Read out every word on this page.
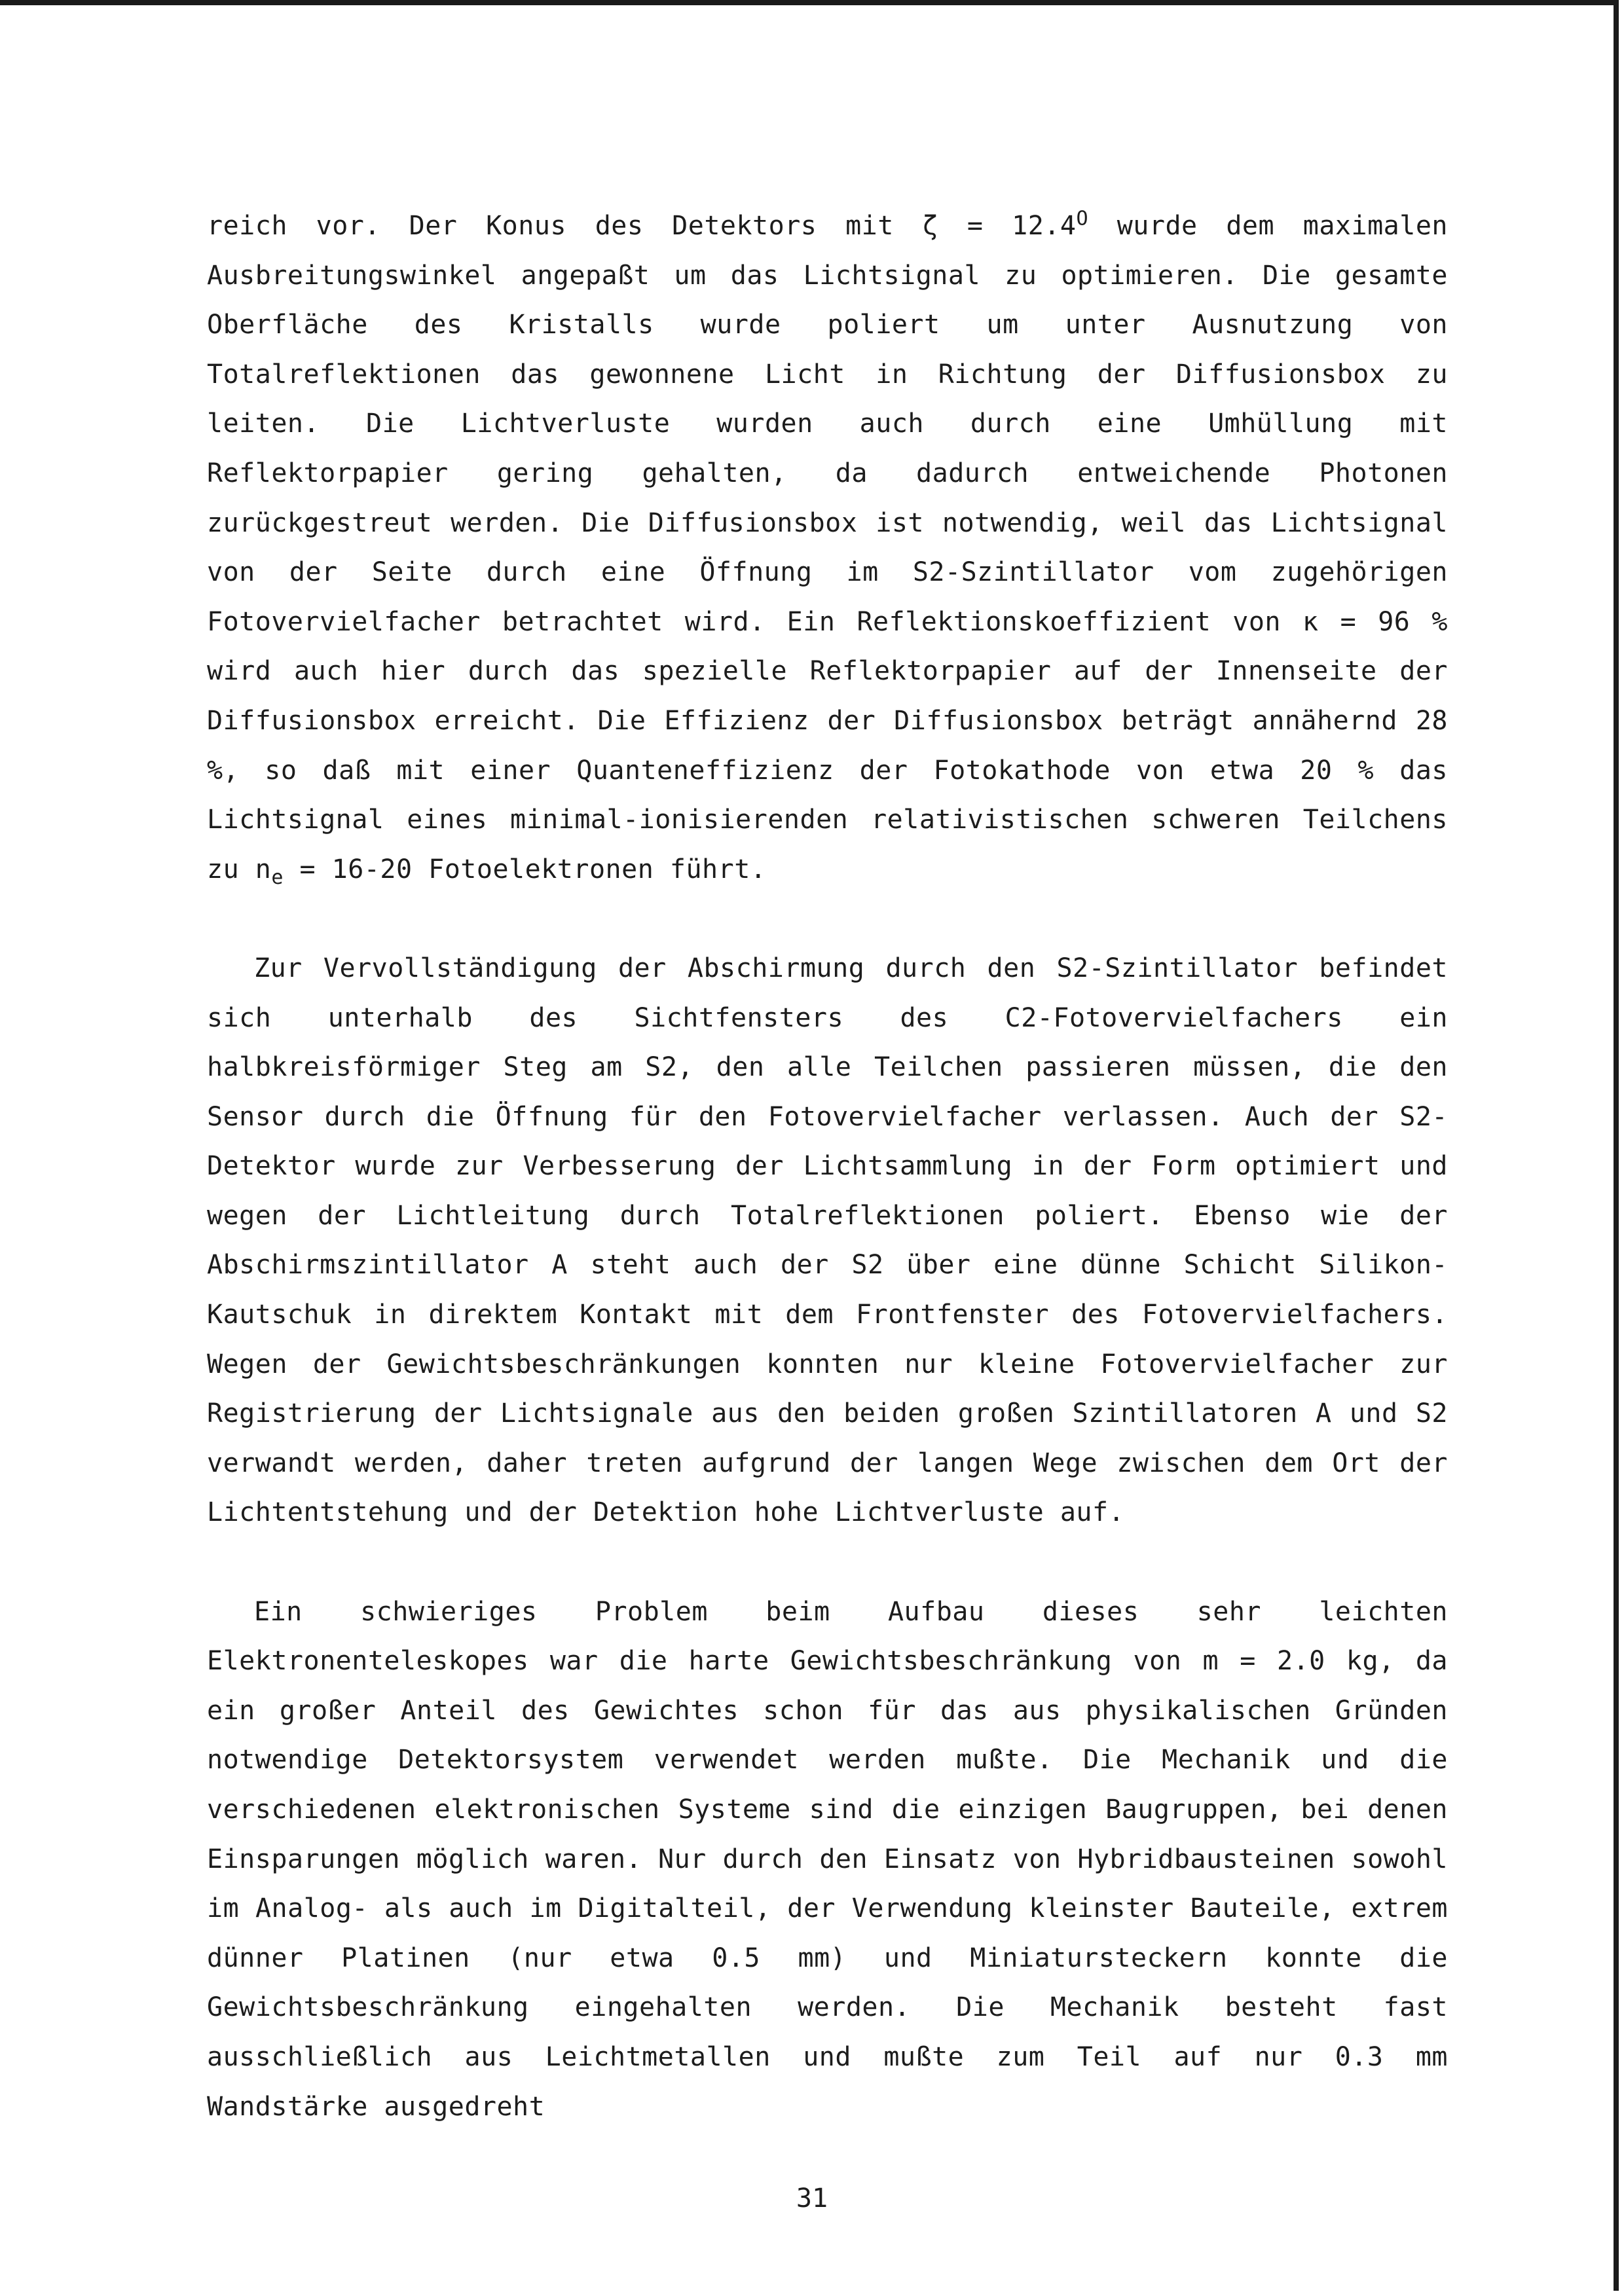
reich vor. Der Konus des Detektors mit $\zeta = 12.4^O$ wurde dem maximalen Ausbreitungswinkel angepaßt um das Lichtsignal zu optimieren. Die gesamte Oberfläche des Kristalls wurde poliert um unter Ausnutzung von Totalreflektionen das gewonnene Licht in Richtung der Diffusionsbox zu leiten. Die Lichtverluste wurden auch durch eine Umhüllung mit Reflektorpapier gering gehalten, da dadurch entweichende Photonen zurückgestreut werden. Die Diffusionsbox ist notwendig, weil das Lichtsignal von der Seite durch eine Öffnung im S2-Szintillator vom zugehörigen Fotovervielfacher betrachtet wird. Ein Reflektionskoeffizient von κ = 96 % wird auch hier durch das spezielle Reflektorpapier auf der Innenseite der Diffusionsbox erreicht. Die Effizienz der Diffusionsbox beträgt annähernd 28 %, so daß mit einer Quanteneffizienz der Fotokathode von etwa 20 % das Lichtsignal eines minimal-ionisierenden relativistischen schweren Teilchens zu $n_e = 16-20$ Fotoelektronen führt.

Zur Vervollständigung der Abschirmung durch den S2-Szintillator befindet sich unterhalb des Sichtfensters des C2-Fotovervielfachers ein halbkreisförmiger Steg am S2, den alle Teilchen passieren müssen, die den Sensor durch die Öffnung für den Fotovervielfacher verlassen. Auch der S2-Detektor wurde zur Verbesserung der Lichtsammlung in der Form optimiert und wegen der Lichtleitung durch Totalreflektionen poliert. Ebenso wie der Abschirmszintillator A steht auch der S2 über eine dünne Schicht Silikon-Kautschuk in direktem Kontakt mit dem Frontfenster des Fotovervielfachers. Wegen der Gewichtsbeschränkungen konnten nur kleine Fotovervielfacher zur Registrierung der Lichtsignale aus den beiden großen Szintillatoren A und S2 verwandt werden, daher treten aufgrund der langen Wege zwischen dem Ort der Lichtentstehung und der Detektion hohe Lichtverluste auf.

Ein schwieriges Problem beim Aufbau dieses sehr leichten Elektronenteleskopes war die harte Gewichtsbeschränkung von m = 2.0 kg, da ein großer Anteil des Gewichtes schon für das aus physikalischen Gründen notwendige Detektorsystem verwendet werden mußte. Die Mechanik und die verschiedenen elektronischen Systeme sind die einzigen Baugruppen, bei denen Einsparungen möglich waren. Nur durch den Einsatz von Hybridbausteinen sowohl im Analog- als auch im Digitalteil, der Verwendung kleinster Bauteile, extrem dünner Platinen (nur etwa 0.5 mm) und Miniatursteckern konnte die Gewichtsbeschränkung eingehalten werden. Die Mechanik besteht fast ausschließlich aus Leichtmetallen und mußte zum Teil auf nur 0.3 mm Wandstärke ausgedreht

31
